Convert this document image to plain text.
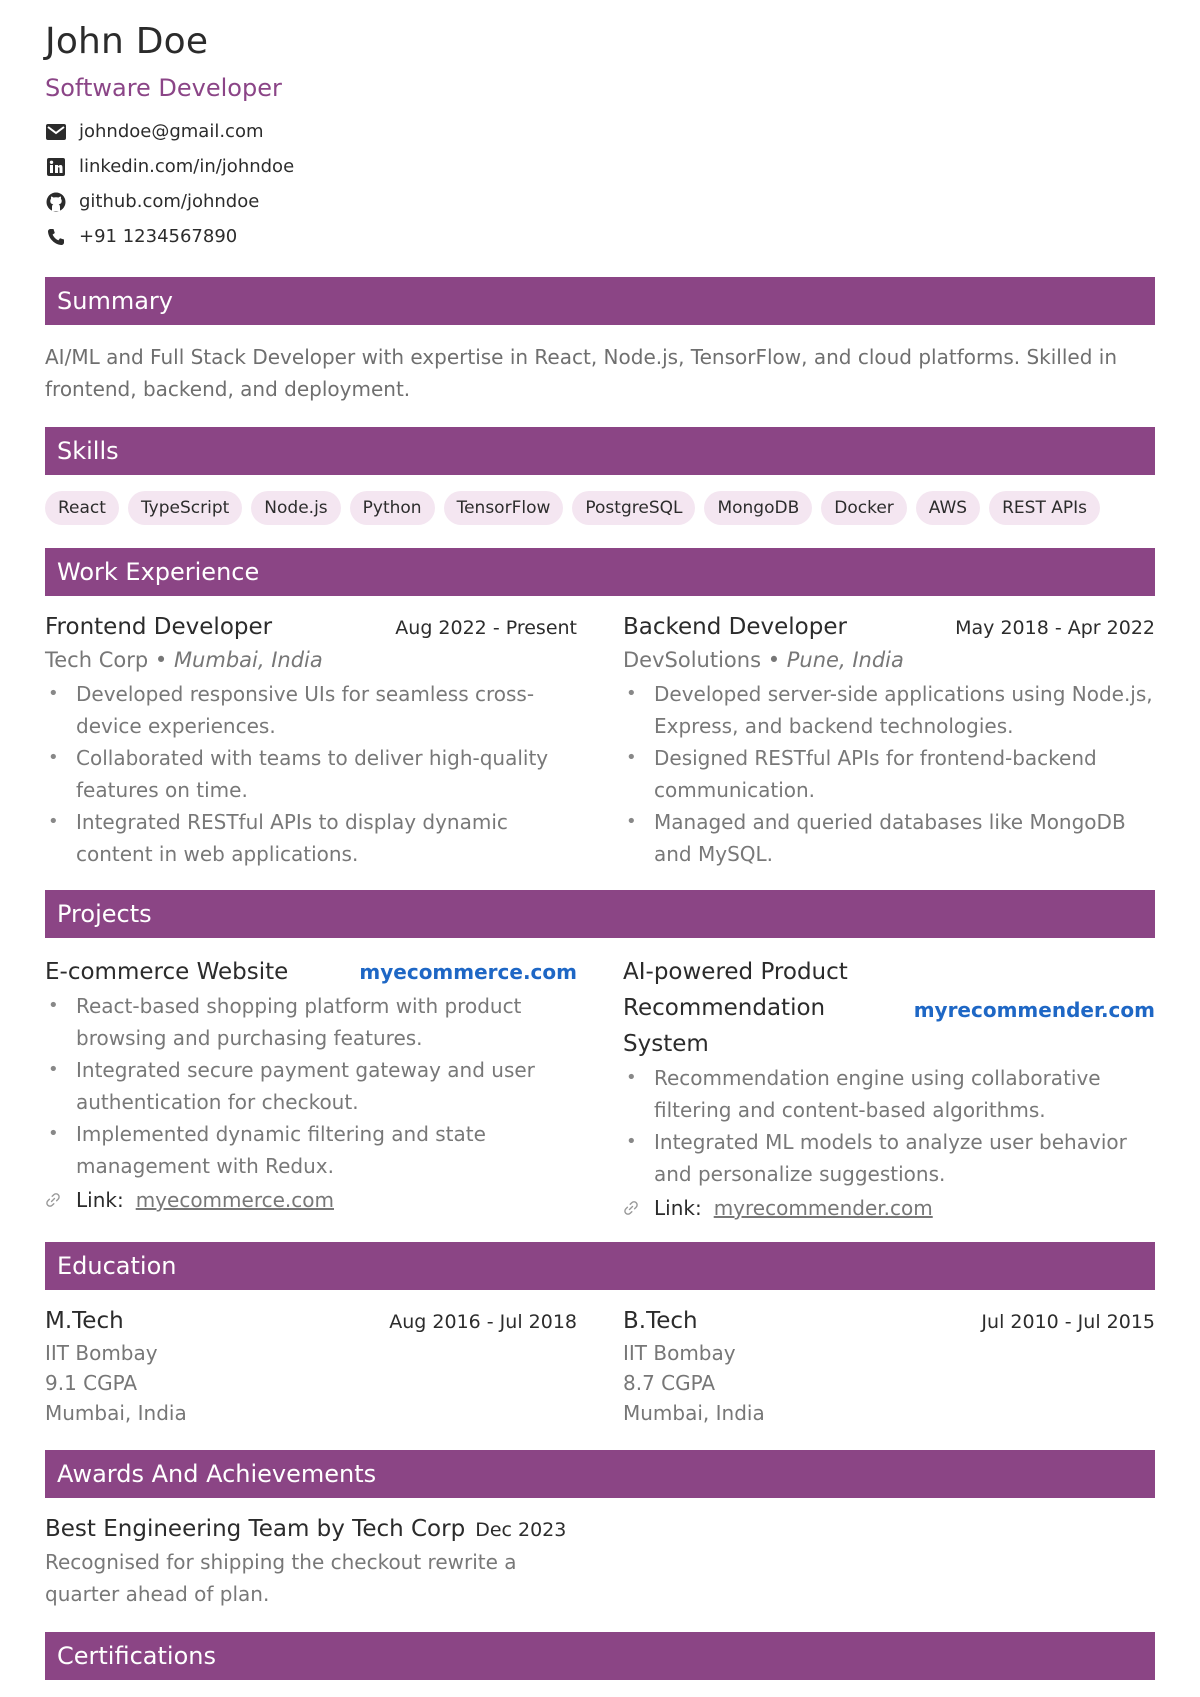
John Doe
Software Developer
johndoe@gmail.com
linkedin.com/in/johndoe
github.com/johndoe
+91 1234567890
Summary
AI/ML and Full Stack Developer with expertise in React, Node.js, TensorFlow, and cloud platforms. Skilled in frontend, backend, and deployment.
Skills
React	TypeScript	Node.js	Python	TensorFlow	PostgreSQL	MongoDB	Docker	AWS	REST APIs
Work Experience
Frontend Developer	Aug 2022 - Present
Tech Corp • Mumbai, India
• Developed responsive UIs for seamless cross-device experiences.
• Collaborated with teams to deliver high-quality features on time.
• Integrated RESTful APIs to display dynamic content in web applications.
Backend Developer	May 2018 - Apr 2022
DevSolutions • Pune, India
• Developed server-side applications using Node.js, Express, and backend technologies.
• Designed RESTful APIs for frontend-backend communication.
• Managed and queried databases like MongoDB and MySQL.
Projects
E-commerce Website	myecommerce.com
• React-based shopping platform with product browsing and purchasing features.
• Integrated secure payment gateway and user authentication for checkout.
• Implemented dynamic filtering and state management with Redux.
Link: myecommerce.com
AI-powered Product Recommendation System
myrecommender.com
• Recommendation engine using collaborative filtering and content-based algorithms.
• Integrated ML models to analyze user behavior and personalize suggestions.
Link: myrecommender.com
Education
M.Tech	Aug 2016 - Jul 2018
IIT Bombay
9.1 CGPA
Mumbai, India
B.Tech	Jul 2010 - Jul 2015
IIT Bombay
8.7 CGPA
Mumbai, India
Awards And Achievements
Best Engineering Team by Tech Corp Dec 2023
Recognised for shipping the checkout rewrite a quarter ahead of plan.
Certifications
